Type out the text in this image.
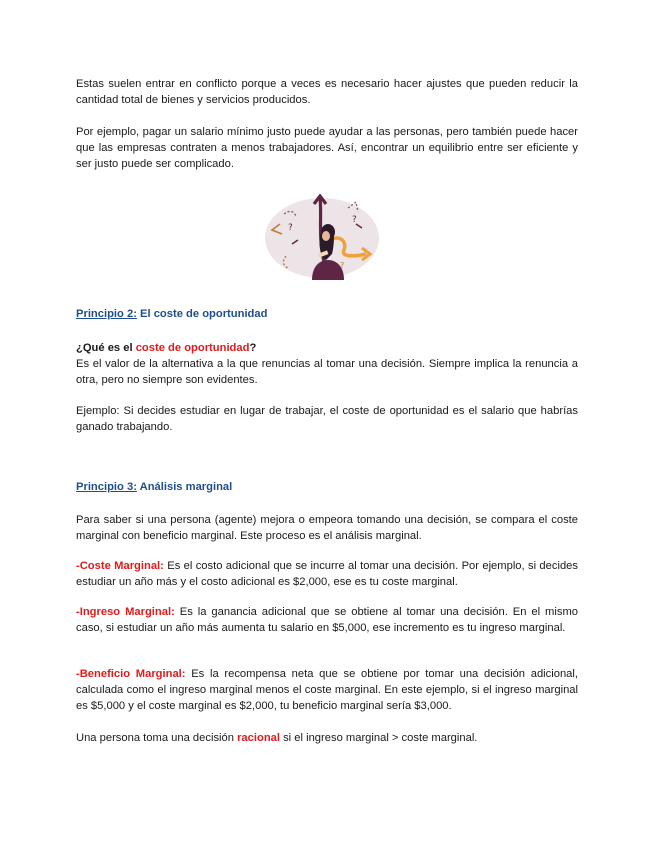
Estas suelen entrar en conflicto porque a veces es necesario hacer ajustes que pueden reducir la cantidad total de bienes y servicios producidos.

Por ejemplo, pagar un salario mínimo justo puede ayudar a las personas, pero también puede hacer que las empresas contraten a menos trabajadores. Así, encontrar un equilibrio entre ser eficiente y ser justo puede ser complicado.

?
?
?

Principio 2: El coste de oportunidad

¿Qué es el coste de oportunidad?

Es el valor de la alternativa a la que renuncias al tomar una decisión. Siempre implica la renuncia a otra, pero no siempre son evidentes.

Ejemplo: Si decides estudiar en lugar de trabajar, el coste de oportunidad es el salario que habrías ganado trabajando.

Principio 3: Análisis marginal

Para saber si una persona (agente) mejora o empeora tomando una decisión, se compara el coste marginal con beneficio marginal. Este proceso es el análisis marginal.

-Coste Marginal: Es el costo adicional que se incurre al tomar una decisión. Por ejemplo, si decides estudiar un año más y el costo adicional es $2,000, ese es tu coste marginal.

-Ingreso Marginal: Es la ganancia adicional que se obtiene al tomar una decisión. En el mismo caso, si estudiar un año más aumenta tu salario en $5,000, ese incremento es tu ingreso marginal.

-Beneficio Marginal: Es la recompensa neta que se obtiene por tomar una decisión adicional, calculada como el ingreso marginal menos el coste marginal. En este ejemplo, si el ingreso marginal es $5,000 y el coste marginal es $2,000, tu beneficio marginal sería $3,000.

Una persona toma una decisión racional si el ingreso marginal > coste marginal.
